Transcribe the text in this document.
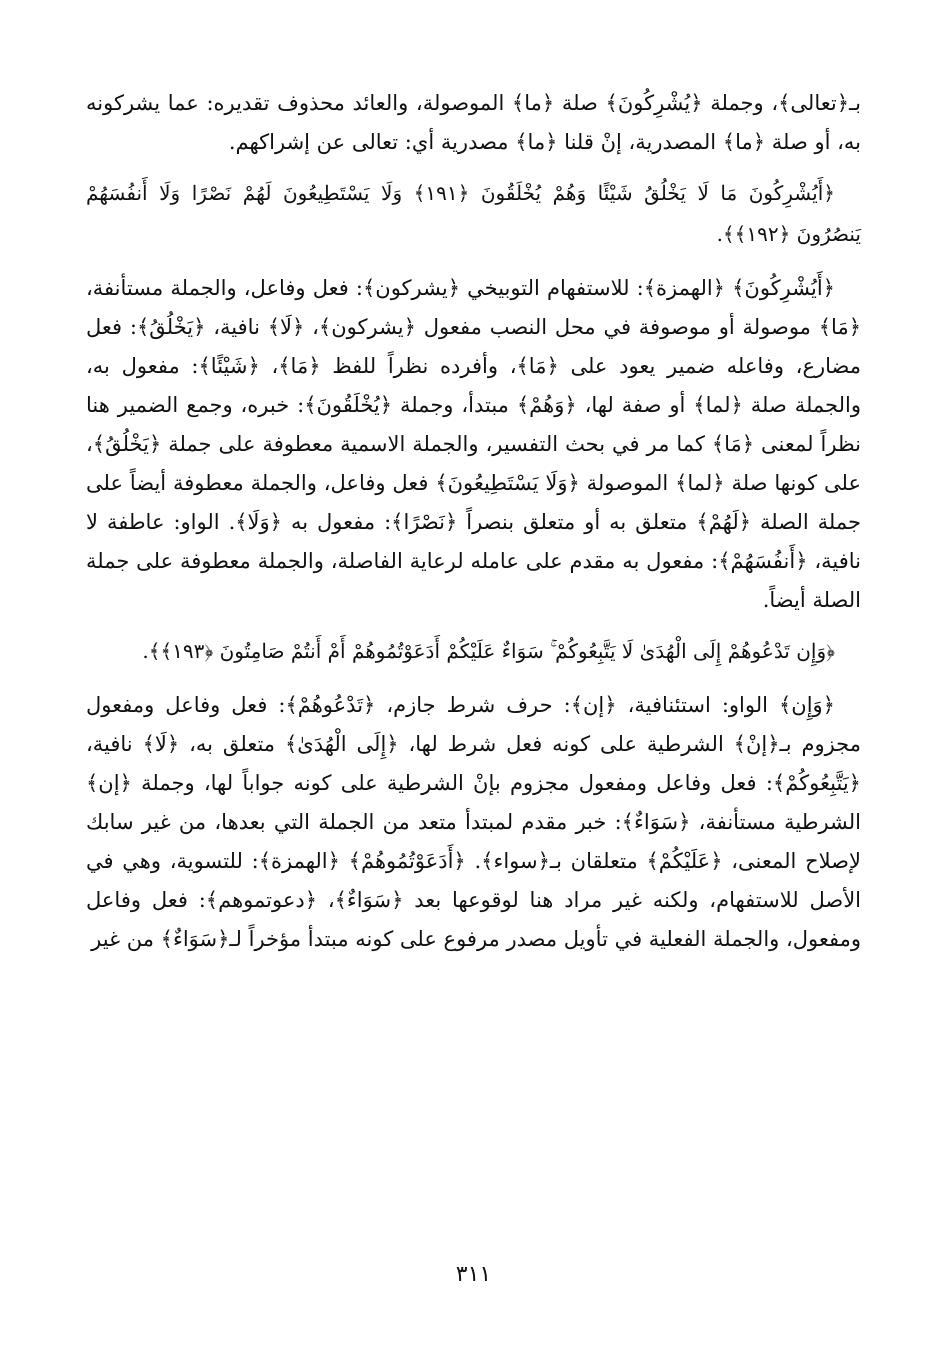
بـ﴿تعالى﴾، وجملة ﴿يُشْرِكُونَ﴾ صلة ﴿ما﴾ الموصولة، والعائد محذوف تقديره: عما يشركونه به، أو صلة ﴿ما﴾ المصدرية، إنْ قلنا ﴿ما﴾ مصدرية أي: تعالى عن إشراكهم.

﴿أَيُشْرِكُونَ مَا لَا يَخْلُقُ شَيْئًا وَهُمْ يُخْلَقُونَ ﴿١٩١﴾ وَلَا يَسْتَطِيعُونَ لَهُمْ نَصْرًا وَلَا أَنفُسَهُمْ يَنصُرُونَ ﴿١٩٢﴾﴾.

﴿أَيُشْرِكُونَ﴾ ﴿الهمزة﴾: للاستفهام التوبيخي ﴿يشركون﴾: فعل وفاعل، والجملة مستأنفة، ﴿مَا﴾ موصولة أو موصوفة في محل النصب مفعول ﴿يشركون﴾، ﴿لَا﴾ نافية، ﴿يَخْلُقُ﴾: فعل مضارع، وفاعله ضمير يعود على ﴿مَا﴾، وأفرده نظراً للفظ ﴿مَا﴾، ﴿شَيْئًا﴾: مفعول به، والجملة صلة ﴿لما﴾ أو صفة لها، ﴿وَهُمْ﴾ مبتدأ، وجملة ﴿يُخْلَقُونَ﴾: خبره، وجمع الضمير هنا نظراً لمعنى ﴿مَا﴾ كما مر في بحث التفسير، والجملة الاسمية معطوفة على جملة ﴿يَخْلُقُ﴾، على كونها صلة ﴿لما﴾ الموصولة ﴿وَلَا يَسْتَطِيعُونَ﴾ فعل وفاعل، والجملة معطوفة أيضاً على جملة الصلة ﴿لَهُمْ﴾ متعلق به أو متعلق بنصراً ﴿نَصْرًا﴾: مفعول به ﴿وَلَا﴾. الواو: عاطفة لا نافية، ﴿أَنفُسَهُمْ﴾: مفعول به مقدم على عامله لرعاية الفاصلة، والجملة معطوفة على جملة الصلة أيضاً.

﴿وَإِن تَدْعُوهُمْ إِلَى الْهُدَىٰ لَا يَتَّبِعُوكُمْ ۚ سَوَاءٌ عَلَيْكُمْ أَدَعَوْتُمُوهُمْ أَمْ أَنتُمْ صَامِتُونَ ﴿١٩٣﴾﴾.

﴿وَإِن﴾ الواو: استئنافية، ﴿إن﴾: حرف شرط جازم، ﴿تَدْعُوهُمْ﴾: فعل وفاعل ومفعول مجزوم بـ﴿إنْ﴾ الشرطية على كونه فعل شرط لها، ﴿إِلَى الْهُدَىٰ﴾ متعلق به، ﴿لَا﴾ نافية، ﴿يَتَّبِعُوكُمْ﴾: فعل وفاعل ومفعول مجزوم بإنْ الشرطية على كونه جواباً لها، وجملة ﴿إن﴾ الشرطية مستأنفة، ﴿سَوَاءٌ﴾: خبر مقدم لمبتدأ متعد من الجملة التي بعدها، من غير سابك لإصلاح المعنى، ﴿عَلَيْكُمْ﴾ متعلقان بـ﴿سواء﴾. ﴿أَدَعَوْتُمُوهُمْ﴾ ﴿الهمزة﴾: للتسوية، وهي في الأصل للاستفهام، ولكنه غير مراد هنا لوقوعها بعد ﴿سَوَاءٌ﴾، ﴿دعوتموهم﴾: فعل وفاعل ومفعول، والجملة الفعلية في تأويل مصدر مرفوع على كونه مبتدأ مؤخراً لـ﴿سَوَاءٌ﴾ من غير

٣١١
